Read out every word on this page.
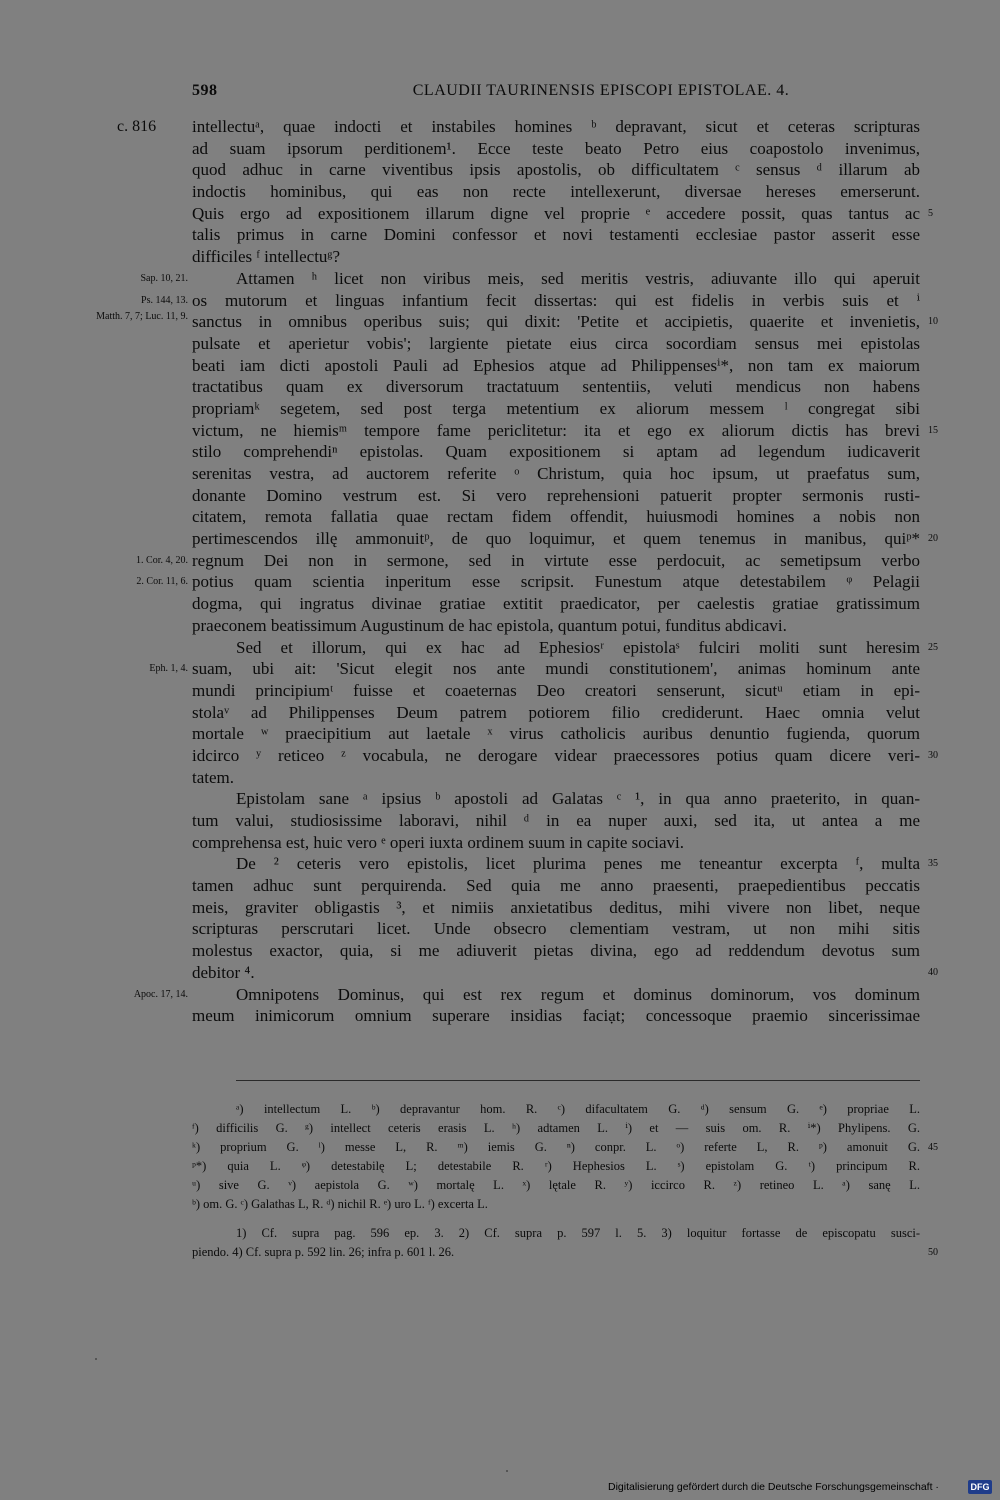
598	CLAUDII TAURINENSIS EPISCOPI EPISTOLAE. 4.
c. 816 intellectuᵃ, quae indocti et instabiles homines ᵇ depravant, sicut et ceteras scripturas
ad suam ipsorum perditionem¹. Ecce teste beato Petro eius coapostolo invenimus,
quod adhuc in carne viventibus ipsis apostolis, ob difficultatem ᶜ sensus ᵈ illarum ab
indoctis hominibus, qui eas non recte intellexerunt, diversae hereses emerserunt.
Quis ergo ad expositionem illarum digne vel proprie ᵉ accedere possit, quas tantus ac 5
talis primus in carne Domini confessor et novi testamenti ecclesiae pastor asserit esse
difficiles ᶠ intellectuᵍ?
Sap. 10, 21.	Attamen ʰ licet non viribus meis, sed meritis vestris, adiuvante illo qui aperuit
Ps. 144, 13. os mutorum et linguas infantium fecit dissertas: qui est fidelis in verbis suis et ⁱ
Matth. 7, 7; Luc. 11, 9. sanctus in omnibus operibus suis; qui dixit: 'Petite et accipietis, quaerite et invenietis, 10
pulsate et aperietur vobis'; largiente pietate eius circa socordiam sensus mei epistolas
beati iam dicti apostoli Pauli ad Ephesios atque ad Philippensesⁱ*, non tam ex maiorum
tractatibus quam ex diversorum tractatuum sententiis, veluti mendicus non habens
propriamᵏ segetem, sed post terga metentium ex aliorum messem ˡ congregat sibi
victum, ne hiemisᵐ tempore fame periclitetur: ita et ego ex aliorum dictis has brevi 15
stilo comprehendiⁿ epistolas. Quam expositionem si aptam ad legendum iudicaverit
serenitas vestra, ad auctorem referite ᵒ Christum, quia hoc ipsum, ut praefatus sum,
donante Domino vestrum est. Si vero reprehensioni patuerit propter sermonis rusti-
citatem, remota fallatia quae rectam fidem offendit, huiusmodi homines a nobis non
pertimescendos illę ammonuitᵖ, de quo loquimur, et quem tenemus in manibus, quiᵖ* 20
1. Cor. 4, 20. regnum Dei non in sermone, sed in virtute esse perdocuit, ac semetipsum verbo
2. Cor. 11, 6. potius quam scientia inperitum esse scripsit. Funestum atque detestabilem ᵠ Pelagii
dogma, qui ingratus divinae gratiae extitit praedicator, per caelestis gratiae gratissimum
praeconem beatissimum Augustinum de hac epistola, quantum potui, funditus abdicavi.
Sed et illorum, qui ex hac ad Ephesiosʳ epistolaˢ fulciri moliti sunt heresim 25
Eph. 1, 4. suam, ubi ait: 'Sicut elegit nos ante mundi constitutionem', animas hominum ante
mundi principiumᵗ fuisse et coaeternas Deo creatori senserunt, sicutᵘ etiam in epi-
stolaᵛ ad Philippenses Deum patrem potiorem filio crediderunt. Haec omnia velut
mortale ʷ praecipitium aut laetale ˣ virus catholicis auribus denuntio fugienda, quorum
idcirco ʸ reticeo ᶻ vocabula, ne derogare videar praecessores potius quam dicere veri- 30
tatem.
Epistolam sane ᵃ ipsius ᵇ apostoli ad Galatas ᶜ ¹, in qua anno praeterito, in quan-
tum valui, studiosissime laboravi, nihil ᵈ in ea nuper auxi, sed ita, ut antea a me
comprehensa est, huic vero ᵉ operi iuxta ordinem suum in capite sociavi.
De ² ceteris vero epistolis, licet plurima penes me teneantur excerpta ᶠ, multa 35
tamen adhuc sunt perquirenda. Sed quia me anno praesenti, praepedientibus peccatis
meis, graviter obligastis ³, et nimiis anxietatibus deditus, mihi vivere non libet, neque
scripturas perscrutari licet. Unde obsecro clementiam vestram, ut non mihi sitis
molestus exactor, quia, si me adiuverit pietas divina, ego ad reddendum devotus sum
debitor ⁴.	40
Apoc. 17, 14.	Omnipotens Dominus, qui est rex regum et dominus dominorum, vos dominum
meum inimicorum omnium superare insidias faciạt; concessoque praemio sincerissimae
ᵃ) intellectum L. ᵇ) depravantur hom. R. ᶜ) difacultatem G. ᵈ) sensum G. ᵉ) propriae L.
ᶠ) difficilis G. ᵍ) intellect ceteris erasis L. ʰ) adtamen L. ⁱ) et — suis om. R. ⁱ*) Phylipens. G.
ᵏ) proprium G. ˡ) messe L, R. ᵐ) iemis G. ⁿ) conpr. L. ᵒ) referte L, R. ᵖ) amonuit G. 45
ᵖ*) quia L. ᵠ) detestabilę L; detestabile R. ʳ) Hephesios L. ˢ) epistolam G. ᵗ) principum R.
ᵘ) sive G. ᵛ) aepistola G. ʷ) mortalę L. ˣ) lętale R. ʸ) iccirco R. ᶻ) retineo L. ᵃ) sanę L.
ᵇ) om. G. ᶜ) Galathas L, R. ᵈ) nichil R. ᵉ) uro L. ᶠ) excerta L.
1) Cf. supra pag. 596 ep. 3. 2) Cf. supra p. 597 l. 5. 3) loquitur fortasse de episcopatu susci-
piendo. 4) Cf. supra p. 592 lin. 26; infra p. 601 l. 26.	50
Digitalisierung gefördert durch die Deutsche Forschungsgemeinschaft ·	DFG
